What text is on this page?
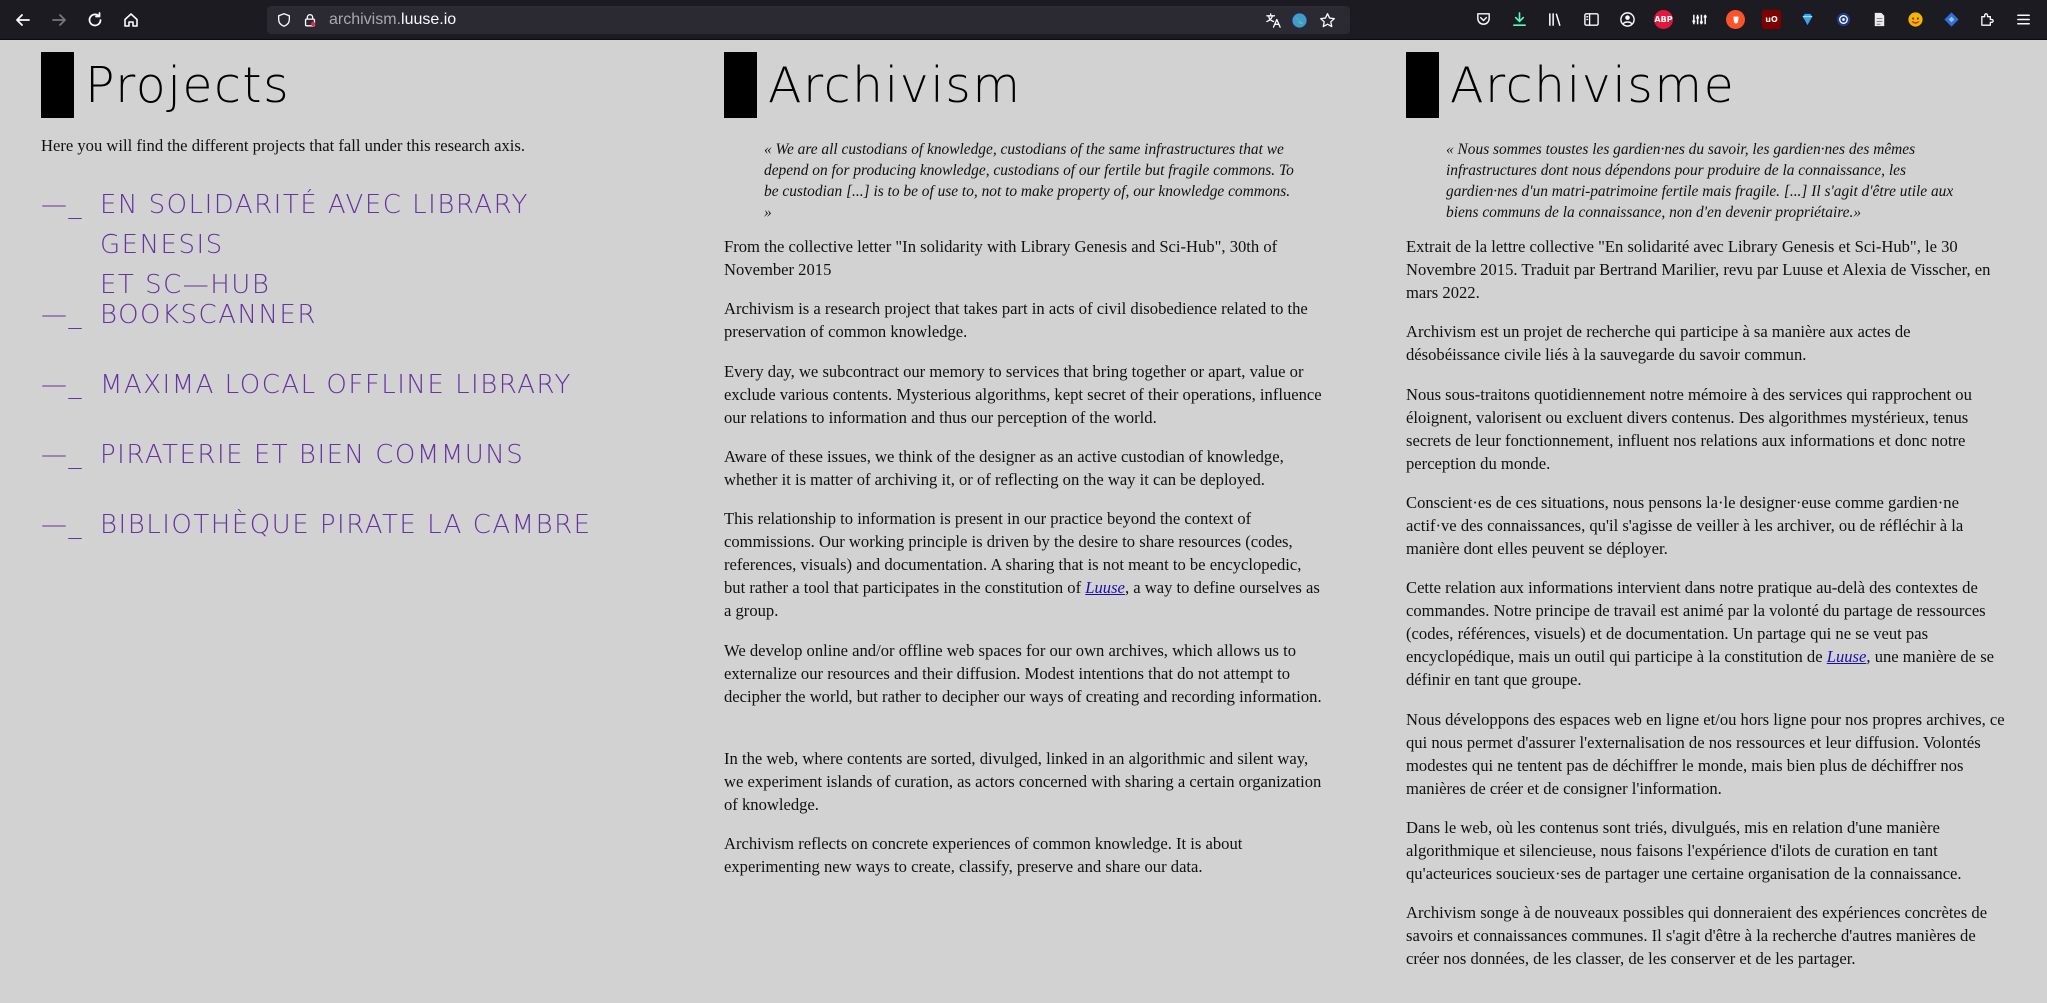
archivism.luuse.io	ABP	uO
Projects

Here you will find the different projects that fall under this research axis.

—_ EN SOLIDARITÉ AVEC LIBRARY GENESIS
ET SC—HUB
—_ BOOKSCANNER
—_ MAXIMA LOCAL OFFLINE LIBRARY
—_ PIRATERIE ET BIEN COMMUNS
—_ BIBLIOTHÈQUE PIRATE LA CAMBRE
Archivism

« We are all custodians of knowledge, custodians of the same infrastructures that we depend on for producing knowledge, custodians of our fertile but fragile commons. To be custodian [...] is to be of use to, not to make property of, our knowledge commons. »

From the collective letter "In solidarity with Library Genesis and Sci-Hub", 30th of November 2015

Archivism is a research project that takes part in acts of civil disobedience related to the preservation of common knowledge.

Every day, we subcontract our memory to services that bring together or apart, value or exclude various contents. Mysterious algorithms, kept secret of their operations, influence our relations to information and thus our perception of the world.

Aware of these issues, we think of the designer as an active custodian of knowledge, whether it is matter of archiving it, or of reflecting on the way it can be deployed.

This relationship to information is present in our practice beyond the context of commissions. Our working principle is driven by the desire to share resources (codes, references, visuals) and documentation. A sharing that is not meant to be encyclopedic, but rather a tool that participates in the constitution of Luuse, a way to define ourselves as a group.

We develop online and/or offline web spaces for our own archives, which allows us to externalize our resources and their diffusion. Modest intentions that do not attempt to decipher the world, but rather to decipher our ways of creating and recording information.

In the web, where contents are sorted, divulged, linked in an algorithmic and silent way, we experiment islands of curation, as actors concerned with sharing a certain organization of knowledge.

Archivism reflects on concrete experiences of common knowledge. It is about experimenting new ways to create, classify, preserve and share our data.

Archivisme

« Nous sommes toustes les gardien·nes du savoir, les gardien·nes des mêmes infrastructures dont nous dépendons pour produire de la connaissance, les gardien·nes d'un matri-patrimoine fertile mais fragile. [...] Il s'agit d'être utile aux biens communs de la connaissance, non d'en devenir propriétaire.»

Extrait de la lettre collective "En solidarité avec Library Genesis et Sci-Hub", le 30 Novembre 2015. Traduit par Bertrand Marilier, revu par Luuse et Alexia de Visscher, en mars 2022.

Archivism est un projet de recherche qui participe à sa manière aux actes de désobéissance civile liés à la sauvegarde du savoir commun.

Nous sous-traitons quotidiennement notre mémoire à des services qui rapprochent ou éloignent, valorisent ou excluent divers contenus. Des algorithmes mystérieux, tenus secrets de leur fonctionnement, influent nos relations aux informations et donc notre perception du monde.

Conscient·es de ces situations, nous pensons la·le designer·euse comme gardien·ne actif·ve des connaissances, qu'il s'agisse de veiller à les archiver, ou de réfléchir à la manière dont elles peuvent se déployer.

Cette relation aux informations intervient dans notre pratique au-delà des contextes de commandes. Notre principe de travail est animé par la volonté du partage de ressources (codes, références, visuels) et de documentation. Un partage qui ne se veut pas encyclopédique, mais un outil qui participe à la constitution de Luuse, une manière de se définir en tant que groupe.

Nous développons des espaces web en ligne et/ou hors ligne pour nos propres archives, ce qui nous permet d'assurer l'externalisation de nos ressources et leur diffusion. Volontés modestes qui ne tentent pas de déchiffrer le monde, mais bien plus de déchiffrer nos manières de créer et de consigner l'information.

Dans le web, où les contenus sont triés, divulgués, mis en relation d'une manière algorithmique et silencieuse, nous faisons l'expérience d'ilots de curation en tant qu'acteurices soucieux·ses de partager une certaine organisation de la connaissance.

Archivism songe à de nouveaux possibles qui donneraient des expériences concrètes de savoirs et connaissances communes. Il s'agit d'être à la recherche d'autres manières de créer nos données, de les classer, de les conserver et de les partager.
